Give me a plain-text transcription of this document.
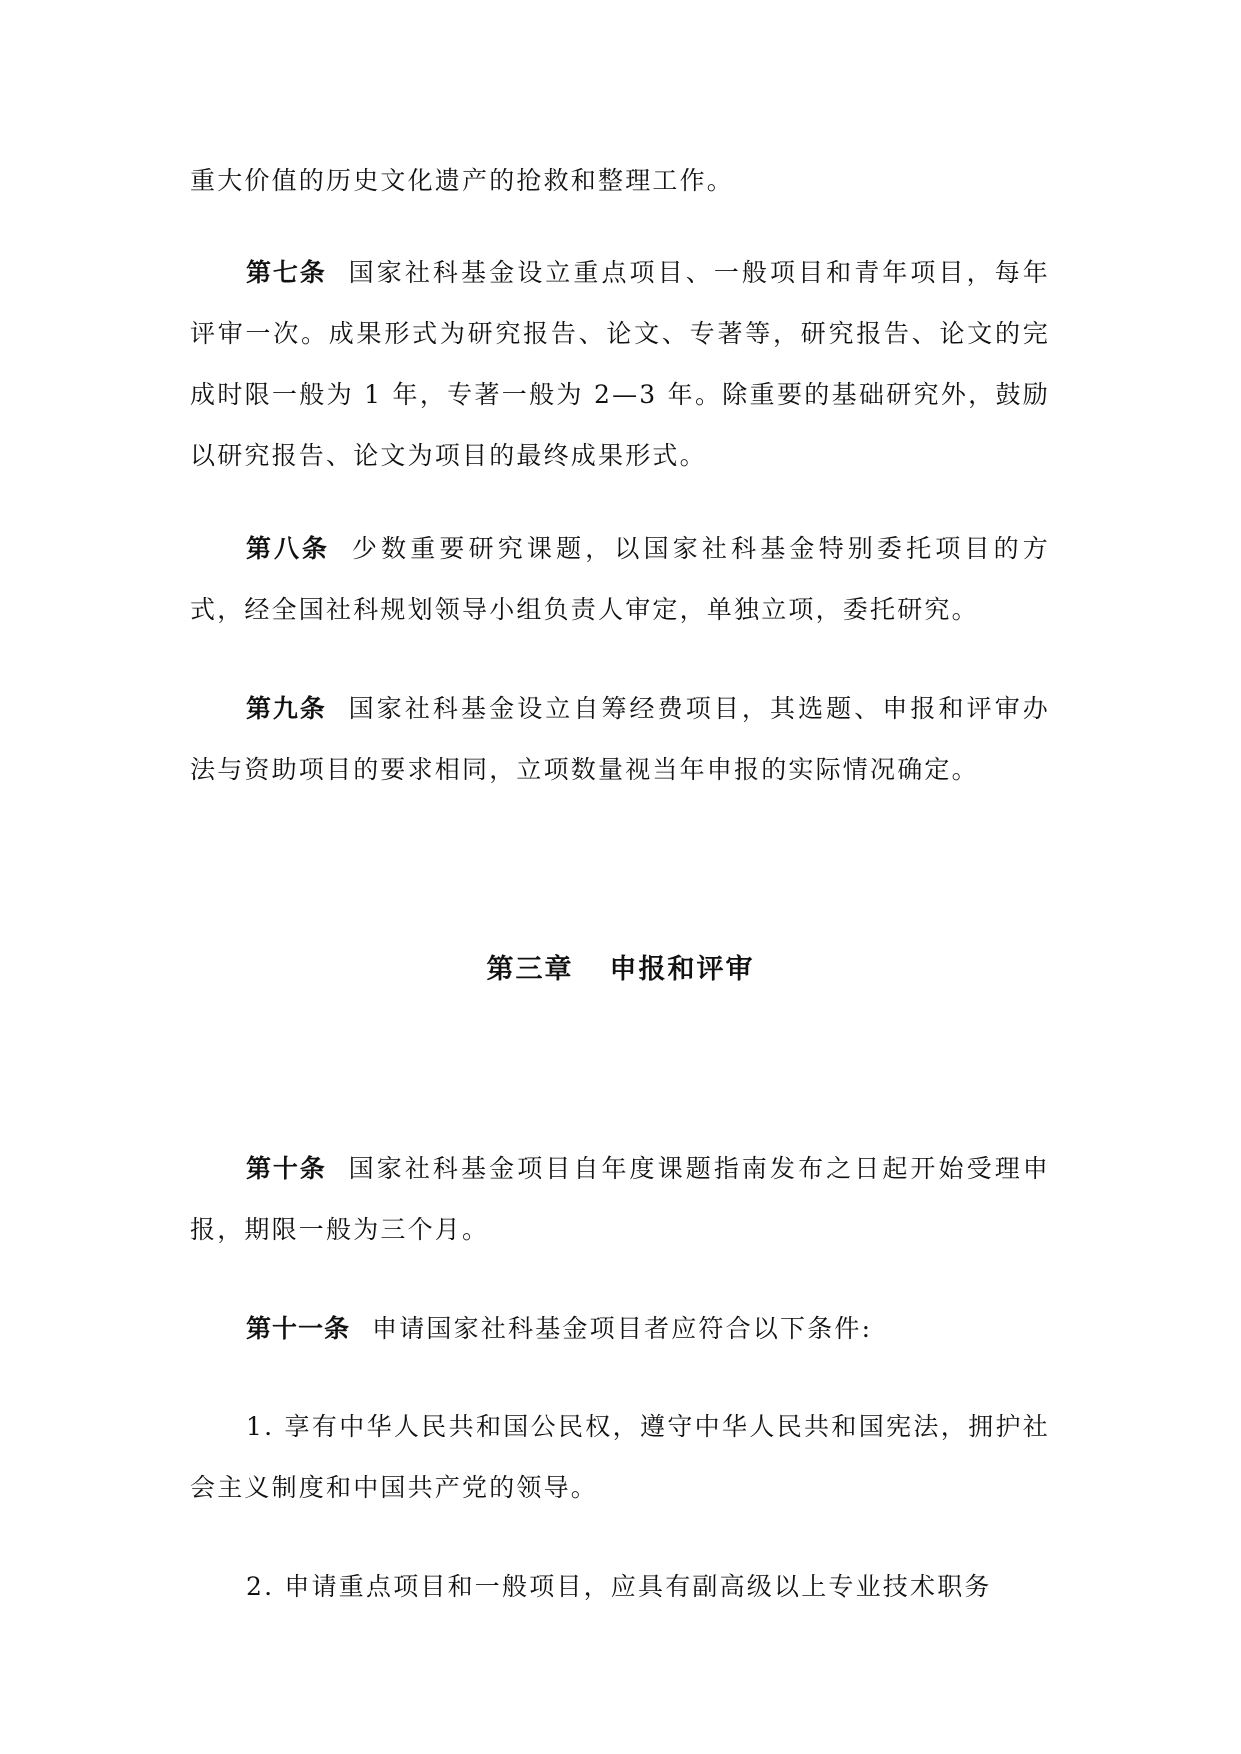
重大价值的历史文化遗产的抢救和整理工作。

第七条 国家社科基金设立重点项目、一般项目和青年项目，每年评审一次。成果形式为研究报告、论文、专著等，研究报告、论文的完成时限一般为 1 年，专著一般为 2—3 年。除重要的基础研究外，鼓励以研究报告、论文为项目的最终成果形式。

第八条 少数重要研究课题，以国家社科基金特别委托项目的方式，经全国社科规划领导小组负责人审定，单独立项，委托研究。

第九条 国家社科基金设立自筹经费项目，其选题、申报和评审办法与资助项目的要求相同，立项数量视当年申报的实际情况确定。

第三章 申报和评审

第十条 国家社科基金项目自年度课题指南发布之日起开始受理申报，期限一般为三个月。

第十一条 申请国家社科基金项目者应符合以下条件:

1. 享有中华人民共和国公民权，遵守中华人民共和国宪法，拥护社会主义制度和中国共产党的领导。

2. 申请重点项目和一般项目，应具有副高级以上专业技术职务
